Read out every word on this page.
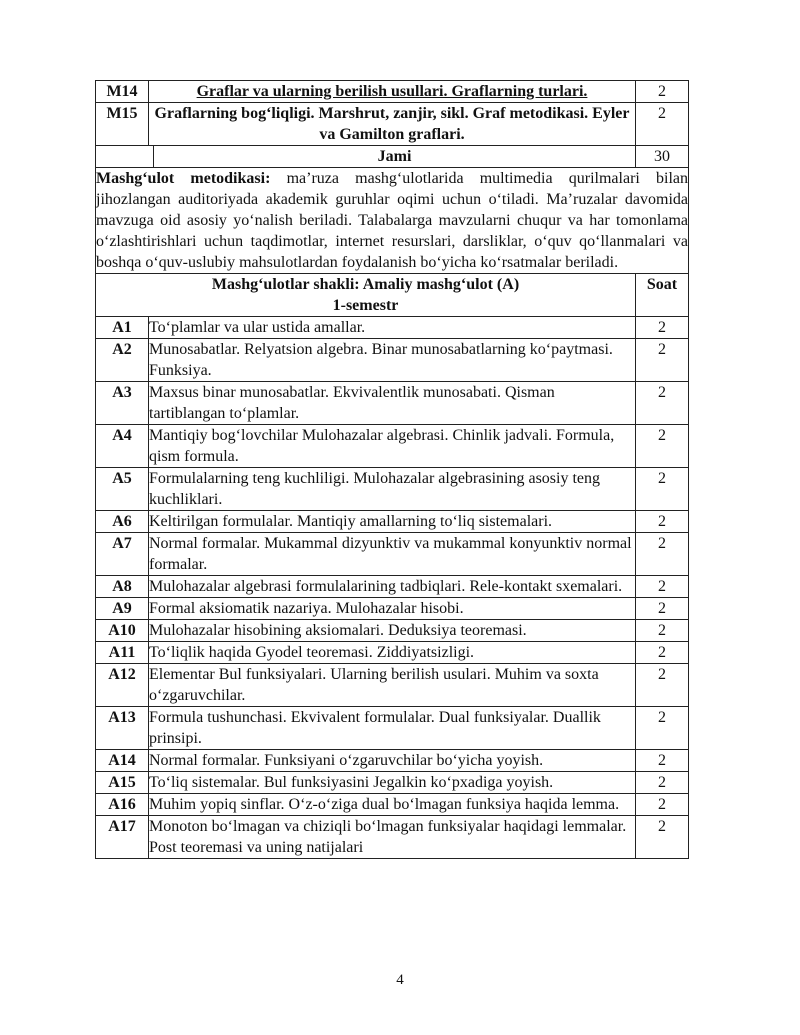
M14	Graflar va ularning berilish usullari. Graflarning turlari.		2
M15	Graflarning bog‘liqligi. Marshrut, zanjir, sikl. Graf metodikasi. Eyler va Gamilton graflari.		2
		Jami	30
Mashg‘ulot metodikasi: ma’ruza mashg‘ulotlarida multimedia qurilmalari bilan jihozlangan auditoriyada akademik guruhlar oqimi uchun o‘tiladi. Ma’ruzalar davomida mavzuga oid asosiy yo‘nalish beriladi. Talabalarga mavzularni chuqur va har tomonlama o‘zlashtirishlari uchun taqdimotlar, internet resurslari, darsliklar, o‘quv qo‘llanmalari va boshqa o‘quv-uslubiy mahsulotlardan foydalanish bo‘yicha ko‘rsatmalar beriladi.			

Mashg‘ulotlar shakli: Amaliy mashg‘ulot (A)
1-semestr			Soat
A1	To‘plamlar va ular ustida amallar.		2
A2	Munosabatlar. Relyatsion algebra. Binar munosabatlarning ko‘paytmasi. Funksiya.		2
A3	Maxsus binar munosabatlar. Ekvivalentlik munosabati. Qisman tartiblangan to‘plamlar.		2
A4	Mantiqiy bog‘lovchilar Mulohazalar algebrasi. Chinlik jadvali. Formula, qism formula.		2
A5	Formulalarning teng kuchliligi. Mulohazalar algebrasining asosiy teng kuchliklari.		2
A6	Keltirilgan formulalar. Mantiqiy amallarning to‘liq sistemalari.		2
A7	Normal formalar. Mukammal dizyunktiv va mukammal konyunktiv normal formalar.		2
A8	Mulohazalar algebrasi formulalarining tadbiqlari. Rele-kontakt sxemalari.		2
A9	Formal aksiomatik nazariya. Mulohazalar hisobi.		2
A10	Mulohazalar hisobining aksiomalari. Deduksiya teoremasi.		2
A11	To‘liqlik haqida Gyodel teoremasi. Ziddiyatsizligi.		2
A12	Elementar Bul funksiyalari. Ularning berilish usulari. Muhim va soxta o‘zgaruvchilar.		2
A13	Formula tushunchasi. Ekvivalent formulalar. Dual funksiyalar. Duallik prinsipi.		2
A14	Normal formalar. Funksiyani o‘zgaruvchilar bo‘yicha yoyish.		2
A15	To‘liq sistemalar. Bul funksiyasini Jegalkin ko‘pxadiga yoyish.		2
A16	Muhim yopiq sinflar. O‘z-o‘ziga dual bo‘lmagan funksiya haqida lemma.		2
A17	Monoton bo‘lmagan va chiziqli bo‘lmagan funksiyalar haqidagi lemmalar. Post teoremasi va uning natijalari		2
4
